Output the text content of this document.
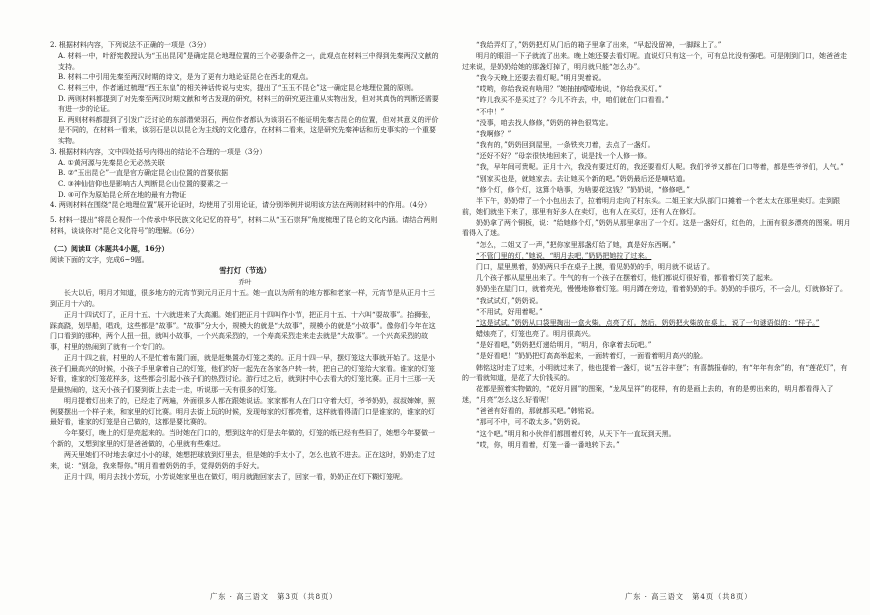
2. 根据材料内容，下列说法不正确的一项是（3分）

A. 材料一中，叶舒宪教授认为“玉出昆冈”是确定昆仑地理位置的三个必要条件之一，此观点在材料三中得到先秦两汉文献的支持。

B. 材料二中引用先秦至两汉时期的诗文，是为了更有力地论证昆仑在西北的观点。

C. 材料三中，作者通过梳理“西王东皇”的相关神话传说与史实，提出了“玉玉不昆仑”这一确定昆仑地理位置的原则。

D. 两则材料都提到了对先秦至两汉时期文献和考古发现的研究，材料三的研究更注重从实物出发，但对其真伪的判断还需要有进一步的论证。

E. 两则材料都提到了引发广泛讨论的东部潜荣羽石，两位作者都认为该羽石不能证明先秦古昆仑的位置，但对其意义的评价是不同的，在材料一看来，该羽石是以以昆仑为主线的文化遗存，在材料二看来，这是研究先秦神话和历史事实的一个重要实物。

3. 根据材料内容，文中四处括号内得出的结论不合理的一项是（3分）

A. ①黄河源与先秦昆仑无必然关联

B. ②“玉出昆仑”一直是官方确定昆仑山位置的首要依据

C. ③神仙信仰也是影响古人判断昆仑山位置的要素之一

D. ④可作为原始昆仑所在地的最有力物证

4. 两则材料在围绕“昆仑地理位置”展开论证时，均使用了引用论证，请分别举例并说明该方法在两则材料中的作用。（4分）

5. 材料一提出“将昆仑视作一个传承中华民族文化记忆的符号”，材料二从“玉石崇拜”角度梳理了昆仑的文化内涵。请结合两则材料，谈谈你对“昆仑文化符号”的理解。（6分）

（二）阅读Ⅱ（本题共4小题，16分）

阅读下面的文字，完成6~9题。

雪打灯（节选）

乔叶

长大以后，明月才知道，很多地方的元宵节到元月正月十五。她一直以为所有的地方都和老家一样，元宵节是从正月十三到正月十六的。

正月十四试灯了，正月十五、十六就进来了大高潮。她们把正月十四叫作小节，把正月十五、十六叫“耍故事”。抬狮张，踩高跷，划旱船，唱戏，这些都是“故事”。“故事”分大小，规模大的就是“大故事”，规模小的就是“小故事”。像你们今年在这门口看到的那种，两个人扭一扭，就叫小故事，一个兴高采烈的，一个寿高采烈走来走去就是“大故事”。一个兴高采烈的故事，村里的热闹到了就有一个专门的。

正月十四之前，村里的人不是忙着布置门面，就是赶集置办灯笼之类的。正月十四一早，摆灯笼这大事就开始了。这是小孩子们最高兴的时候，小孩子手里拿着自己的灯笼，他们约好一起先在各家各户转一转，把自己的灯笼给大家看。谁家的灯笼好看，谁家的灯笼花样多，这些都会引起小孩子们的热烈讨论。游行过之后，就到村中心去看大的灯笼比赛。正月十三那一天是最热闹的，这天小孩子们要到街上去走一走，听说那一天有很多的灯笼。

明月提着灯出来了的，已经走了两遍，外面很多人都在跟她说话。家家都有人在门口守着大灯，爷爷奶奶，叔叔婶婶，照例要摆出一个样子来，和家里的灯比赛。明月去街上玩的时候，发现每家的灯都亮着，这样就看得清门口是谁家的，谁家的灯最好看，谁家的灯笼是自己做的，这都是要比赛的。

今年要灯，晚上的灯是亮起来的。当时她在门口的，想到这年的灯是去年做的，灯笼的纸已经有些旧了，她想今年要做一个新的，又想到家里的灯是爸爸做的，心里就有些难过。

两天里她们不时地去拿过小小的球，她想把球放到灯里去，但是她的手太小了，怎么也放不进去。正在这时，奶奶走了过来，说：“别急，我来帮你。”明月看着奶奶的手，觉得奶奶的手好大。

正月十四，明月去找小芳玩，小芳说她家里也在做灯，明月就跑回家去了，回家一看，奶奶正在灯下糊灯笼呢。

“我给弄灯了，”奶奶把灯从门后的箱子里拿了出来，“早起没留神，一脚踩上了。”

明月的眼泪一下子就流了出来。晚上她还要去看灯呢。直说灯只有这一个，可有总比没有强吧。可是刚到门口，她爸爸走过来说，是奶奶给她的那盏灯掉了，明月就只能“怎么办”。

“我今天晚上还要去看灯呢。”明月哭着说。

“哎哟，你给我说有啥用？”她抽抽噎噎地说，“你给我买灯。”

“昨儿我买不是买过了？今儿不许去，中，咱们就在门口看看。”

“不中！”

“没事，咱去找人修修，”奶奶的神色很笃定。

“我啊修？”

“我有的，”奶奶回到屋里，一条铁夹刀着，去点了一盏灯。

“还好不好？”母亲很快地回来了，说是找一个人修一修。

“我，早年间可贵呢。正月十六，我没有要过灯的，我还要看灯人呢。我们爷爷又都在门口等着，都是些爷爷们，人气。”

“别家买也是，就她家去。去让她买个新的吧。”奶奶最后还是嘀咕道。

“修个灯，修个灯，这算个啥事，为啥要花这钱？”奶奶说，“修修吧。”

半下午，奶奶带了一个小包出去了，拉着明月走向了村东头。二姐王家大队部门口摊着一个老太太在那里卖灯。走到跟前，她们就坐下来了，那里有好多人在卖灯，也有人在买灯，还有人在修灯。

奶奶拿了两个铜板，说：“给她修个灯，”奶奶从那里拿出了一个灯。这是一盏好灯，红色的，上面有很多漂亮的图案。明月看得入了迷。

“怎么，二姐又了一声，”把你家里那盏灯给了她，真是好东西啊。”

“不管门里的灯，”她说，“明月去吧，”奶奶把她拉了过来。

门口，屋里黑着，奶奶两只手在桌子上摸，看见奶奶的手，明月就不说话了。

几个孩子都从屋里出来了。牛气的有一个孩子在摆着灯，他们都说灯很好看，都看着灯笑了起来。

奶奶坐在屋门口，就着亮光，慢慢地修着灯笼。明月蹲在旁边，看着奶奶的手。奶奶的手很巧，不一会儿，灯就修好了。

“我试试灯，”奶奶说。

“不用试，好用着呢。”

“这是试试，”奶奶从口袋里掏出一盒火柴，点亮了灯。然后，奶奶把火柴放在桌上，说了一句谜语似的：“样子。”

蜡烛亮了，灯笼也亮了。明月很高兴。

“是好看吧，”奶奶把灯递给明月，“明月，你拿着去玩吧。”

“是好看吧！”奶奶把灯高高举起来，一面转着灯，一面看着明月高兴的脸。

韩铭这时走了过来，小明就过来了，他也提着一盏灯，说“五谷丰登”；有喜鹊报春的，有“年年有余”的，有“莲花灯”，有的一看就知道，是花了大价钱买的。

花都是照着实物做的，“花好月圆”的图案，“龙凤呈祥”的花样，有的是画上去的，有的是剪出来的，明月都看得入了迷，“月亮”怎么这么好看呢！

“爸爸有好看的，那就都买吧。”韩铭说。

“那可不中，可不敢太多。”奶奶说。

“这个吧。”明月和小伙伴们都围着灯转，从天下午一直玩到天黑。

“哎，你，明月看着，灯笼一番一番地转下去。”

广东 · 高三语文　第3页（共8页）	广东 · 高三语文　第4页（共8页）
